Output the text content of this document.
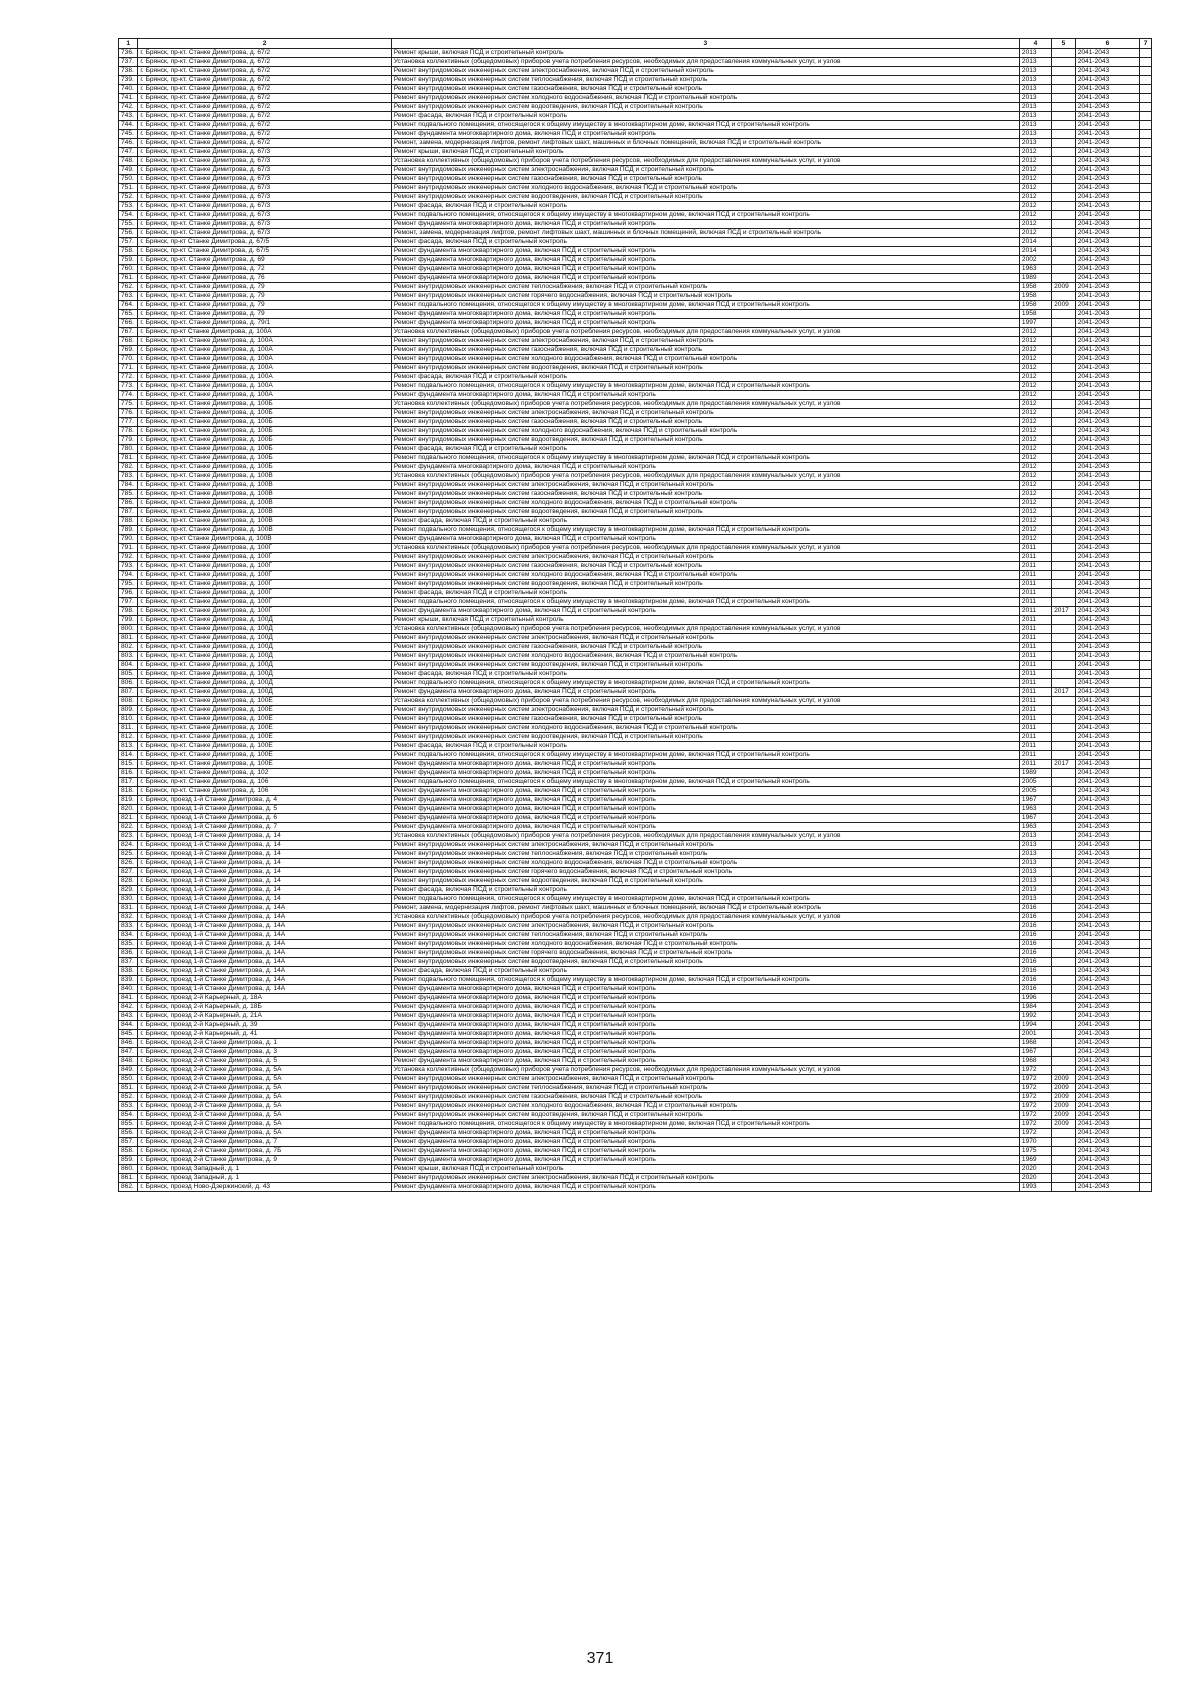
1	2	3	4	5	6	7
736.	г. Брянск, пр-кт. Станке Димитрова, д. 67/2	Ремонт крыши, включая ПСД и строительный контроль	2013		2041-2043	
737.	г. Брянск, пр-кт. Станке Димитрова, д. 67/2	Установка коллективных (общедомовых) приборов учета потребления ресурсов, необходимых для предоставления коммунальных услуг, и узлов	2013		2041-2043	
738.	г. Брянск, пр-кт. Станке Димитрова, д. 67/2	Ремонт внутридомовых инженерных систем электроснабжения, включая ПСД и строительный контроль	2013		2041-2043	
739.	г. Брянск, пр-кт. Станке Димитрова, д. 67/2	Ремонт внутридомовых инженерных систем теплоснабжения, включая ПСД и строительный контроль	2013		2041-2043	
740.	г. Брянск, пр-кт. Станке Димитрова, д. 67/2	Ремонт внутридомовых инженерных систем газоснабжения, включая ПСД и строительный контроль	2013		2041-2043	
741.	г. Брянск, пр-кт. Станке Димитрова, д. 67/2	Ремонт внутридомовых инженерных систем холодного водоснабжения, включая ПСД и строительный контроль	2013		2041-2043	
742.	г. Брянск, пр-кт. Станке Димитрова, д. 67/2	Ремонт внутридомовых инженерных систем водоотведения, включая ПСД и строительный контроль	2013		2041-2043	
743.	г. Брянск, пр-кт. Станке Димитрова, д. 67/2	Ремонт фасада, включая ПСД и строительный контроль	2013		2041-2043	
744.	г. Брянск, пр-кт. Станке Димитрова, д. 67/2	Ремонт подвального помещения, относящегося к общему имуществу в многоквартирном доме, включая ПСД и строительный контроль	2013		2041-2043	
745.	г. Брянск, пр-кт. Станке Димитрова, д. 67/2	Ремонт фундамента многоквартирного дома, включая ПСД и строительный контроль	2013		2041-2043	
746.	г. Брянск, пр-кт. Станке Димитрова, д. 67/2	Ремонт, замена, модернизация лифтов, ремонт лифтовых шахт, машинных и блочных помещений, включая ПСД и строительный контроль	2013		2041-2043	
747.	г. Брянск, пр-кт. Станке Димитрова, д. 67/3	Ремонт крыши, включая ПСД и строительный контроль	2012		2041-2043	
748.	г. Брянск, пр-кт. Станке Димитрова, д. 67/3	Установка коллективных (общедомовых) приборов учета потребления ресурсов, необходимых для предоставления коммунальных услуг, и узлов	2012		2041-2043	
749.	г. Брянск, пр-кт. Станке Димитрова, д. 67/3	Ремонт внутридомовых инженерных систем электроснабжения, включая ПСД и строительный контроль	2012		2041-2043	
750.	г. Брянск, пр-кт. Станке Димитрова, д. 67/3	Ремонт внутридомовых инженерных систем газоснабжения, включая ПСД и строительный контроль	2012		2041-2043	
751.	г. Брянск, пр-кт. Станке Димитрова, д. 67/3	Ремонт внутридомовых инженерных систем холодного водоснабжения, включая ПСД и строительный контроль	2012		2041-2043	
752.	г. Брянск, пр-кт. Станке Димитрова, д. 67/3	Ремонт внутридомовых инженерных систем водоотведения, включая ПСД и строительный контроль	2012		2041-2043	
753.	г. Брянск, пр-кт. Станке Димитрова, д. 67/3	Ремонт фасада, включая ПСД и строительный контроль	2012		2041-2043	
754.	г. Брянск, пр-кт. Станке Димитрова, д. 67/3	Ремонт подвального помещения, относящегося к общему имуществу в многоквартирном доме, включая ПСД и строительный контроль	2012		2041-2043	
755.	г. Брянск, пр-кт. Станке Димитрова, д. 67/3	Ремонт фундамента многоквартирного дома, включая ПСД и строительный контроль	2012		2041-2043	
756.	г. Брянск, пр-кт. Станке Димитрова, д. 67/3	Ремонт, замена, модернизация лифтов, ремонт лифтовых шахт, машинных и блочных помещений, включая ПСД и строительный контроль	2012		2041-2043	
757.	г. Брянск, пр-кт Станке Димитрова, д. 67/5	Ремонт фасада, включая ПСД и строительный контроль	2014		2041-2043	
758.	г. Брянск, пр-кт Станке Димитрова, д. 67/5	Ремонт фундамента многоквартирного дома, включая ПСД и строительный контроль	2014		2041-2043	
759.	г. Брянск, пр-кт. Станке Димитрова, д. 69	Ремонт фундамента многоквартирного дома, включая ПСД и строительный контроль	2002		2041-2043	
760.	г. Брянск, пр-кт. Станке Димитрова, д. 72	Ремонт фундамента многоквартирного дома, включая ПСД и строительный контроль	1963		2041-2043	
761.	г. Брянск, пр-кт. Станке Димитрова, д. 76	Ремонт фундамента многоквартирного дома, включая ПСД и строительный контроль	1989		2041-2043	
762.	г. Брянск, пр-кт. Станке Димитрова, д. 79	Ремонт внутридомовых инженерных систем теплоснабжения, включая ПСД и строительный контроль	1958	2009	2041-2043	
763.	г. Брянск, пр-кт. Станке Димитрова, д. 79	Ремонт внутридомовых инженерных систем горячего водоснабжения, включая ПСД и строительный контроль	1958		2041-2043	
764.	г. Брянск, пр-кт. Станке Димитрова, д. 79	Ремонт подвального помещения, относящегося к общему имуществу в многоквартирном доме, включая ПСД и строительный контроль	1958	2009	2041-2043	
765.	г. Брянск, пр-кт. Станке Димитрова, д. 79	Ремонт фундамента многоквартирного дома, включая ПСД и строительный контроль	1958		2041-2043	
766.	г. Брянск, пр-кт. Станке Димитрова, д. 79/1	Ремонт фундамента многоквартирного дома, включая ПСД и строительный контроль	1997		2041-2043	
767.	г. Брянск, пр-кт Станке Димитрова, д. 100А	Установка коллективных (общедомовых) приборов учета потребления ресурсов, необходимых для предоставления коммунальных услуг, и узлов	2012		2041-2043	
768.	г. Брянск, пр-кт. Станке Димитрова, д. 100А	Ремонт внутридомовых инженерных систем электроснабжения, включая ПСД и строительный контроль	2012		2041-2043	
769.	г. Брянск, пр-кт. Станке Димитрова, д. 100А	Ремонт внутридомовых инженерных систем газоснабжения, включая ПСД и строительный контроль	2012		2041-2043	
770.	г. Брянск, пр-кт. Станке Димитрова, д. 100А	Ремонт внутридомовых инженерных систем холодного водоснабжения, включая ПСД и строительный контроль	2012		2041-2043	
771.	г. Брянск, пр-кт. Станке Димитрова, д. 100А	Ремонт внутридомовых инженерных систем водоотведения, включая ПСД и строительный контроль	2012		2041-2043	
772.	г. Брянск, пр-кт. Станке Димитрова, д. 100А	Ремонт фасада, включая ПСД и строительный контроль	2012		2041-2043	
773.	г. Брянск, пр-кт. Станке Димитрова, д. 100А	Ремонт подвального помещения, относящегося к общему имуществу в многоквартирном доме, включая ПСД и строительный контроль	2012		2041-2043	
774.	г. Брянск, пр-кт. Станке Димитрова, д. 100А	Ремонт фундамента многоквартирного дома, включая ПСД и строительный контроль	2012		2041-2043	
775.	г. Брянск, пр-кт. Станке Димитрова, д. 100Б	Установка коллективных (общедомовых) приборов учета потребления ресурсов, необходимых для предоставления коммунальных услуг, и узлов	2012		2041-2043	
776.	г. Брянск, пр-кт. Станке Димитрова, д. 100Б	Ремонт внутридомовых инженерных систем электроснабжения, включая ПСД и строительный контроль	2012		2041-2043	
777.	г. Брянск, пр-кт. Станке Димитрова, д. 100Б	Ремонт внутридомовых инженерных систем газоснабжения, включая ПСД и строительный контроль	2012		2041-2043	
778.	г. Брянск, пр-кт. Станке Димитрова, д. 100Б	Ремонт внутридомовых инженерных систем холодного водоснабжения, включая ПСД и строительный контроль	2012		2041-2043	
779.	г. Брянск, пр-кт. Станке Димитрова, д. 100Б	Ремонт внутридомовых инженерных систем водоотведения, включая ПСД и строительный контроль	2012		2041-2043	
780.	г. Брянск, пр-кт. Станке Димитрова, д. 100Б	Ремонт фасада, включая ПСД и строительный контроль	2012		2041-2043	
781.	г. Брянск, пр-кт. Станке Димитрова, д. 100Б	Ремонт подвального помещения, относящегося к общему имуществу в многоквартирном доме, включая ПСД и строительный контроль	2012		2041-2043	
782.	г. Брянск, пр-кт. Станке Димитрова, д. 100Б	Ремонт фундамента многоквартирного дома, включая ПСД и строительный контроль	2012		2041-2043	
783.	г. Брянск, пр-кт. Станке Димитрова, д. 100В	Установка коллективных (общедомовых) приборов учета потребления ресурсов, необходимых для предоставления коммунальных услуг, и узлов	2012		2041-2043	
784.	г. Брянск, пр-кт. Станке Димитрова, д. 100В	Ремонт внутридомовых инженерных систем электроснабжения, включая ПСД и строительный контроль	2012		2041-2043	
785.	г. Брянск, пр-кт. Станке Димитрова, д. 100В	Ремонт внутридомовых инженерных систем газоснабжения, включая ПСД и строительный контроль	2012		2041-2043	
786.	г. Брянск, пр-кт. Станке Димитрова, д. 100В	Ремонт внутридомовых инженерных систем холодного водоснабжения, включая ПСД и строительный контроль	2012		2041-2043	
787.	г. Брянск, пр-кт. Станке Димитрова, д. 100В	Ремонт внутридомовых инженерных систем водоотведения, включая ПСД и строительный контроль	2012		2041-2043	
788.	г. Брянск, пр-кт. Станке Димитрова, д. 100В	Ремонт фасада, включая ПСД и строительный контроль	2012		2041-2043	
789.	г. Брянск, пр-кт. Станке Димитрова, д. 100В	Ремонт подвального помещения, относящегося к общему имуществу в многоквартирном доме, включая ПСД и строительный контроль	2012		2041-2043	
790.	г. Брянск, пр-кт Станке Димитрова, д. 100В	Ремонт фундамента многоквартирного дома, включая ПСД и строительный контроль	2012		2041-2043	
791.	г. Брянск, пр-кт. Станке Димитрова, д. 100Г	Установка коллективных (общедомовых) приборов учета потребления ресурсов, необходимых для предоставления коммунальных услуг, и узлов	2011		2041-2043	
792.	г. Брянск, пр-кт. Станке Димитрова, д. 100Г	Ремонт внутридомовых инженерных систем электроснабжения, включая ПСД и строительный контроль	2011		2041-2043	
793.	г. Брянск, пр-кт. Станке Димитрова, д. 100Г	Ремонт внутридомовых инженерных систем газоснабжения, включая ПСД и строительный контроль	2011		2041-2043	
794.	г. Брянск, пр-кт. Станке Димитрова, д. 100Г	Ремонт внутридомовых инженерных систем холодного водоснабжения, включая ПСД и строительный контроль	2011		2041-2043	
795.	г. Брянск, пр-кт. Станке Димитрова, д. 100Г	Ремонт внутридомовых инженерных систем водоотведения, включая ПСД и строительный контроль	2011		2041-2043	
796.	г. Брянск, пр-кт. Станке Димитрова, д. 100Г	Ремонт фасада, включая ПСД и строительный контроль	2011		2041-2043	
797.	г. Брянск, пр-кт. Станке Димитрова, д. 100Г	Ремонт подвального помещения, относящегося к общему имуществу в многоквартирном доме, включая ПСД и строительный контроль	2011		2041-2043	
798.	г. Брянск, пр-кт. Станке Димитрова, д. 100Г	Ремонт фундамента многоквартирного дома, включая ПСД и строительный контроль	2011	2017	2041-2043	
799.	г. Брянск, пр-кт. Станке Димитрова, д. 100Д	Ремонт крыши, включая ПСД и строительный контроль	2011		2041-2043	
800.	г. Брянск, пр-кт. Станке Димитрова, д. 100Д	Установка коллективных (общедомовых) приборов учета потребления ресурсов, необходимых для предоставления коммунальных услуг, и узлов	2011		2041-2043	
801.	г. Брянск, пр-кт. Станке Димитрова, д. 100Д	Ремонт внутридомовых инженерных систем электроснабжения, включая ПСД и строительный контроль	2011		2041-2043	
802.	г. Брянск, пр-кт. Станке Димитрова, д. 100Д	Ремонт внутридомовых инженерных систем газоснабжения, включая ПСД и строительный контроль	2011		2041-2043	
803.	г. Брянск, пр-кт. Станке Димитрова, д. 100Д	Ремонт внутридомовых инженерных систем холодного водоснабжения, включая ПСД и строительный контроль	2011		2041-2043	
804.	г. Брянск, пр-кт. Станке Димитрова, д. 100Д	Ремонт внутридомовых инженерных систем водоотведения, включая ПСД и строительный контроль	2011		2041-2043	
805.	г. Брянск, пр-кт. Станке Димитрова, д. 100Д	Ремонт фасада, включая ПСД и строительный контроль	2011		2041-2043	
806.	г. Брянск, пр-кт. Станке Димитрова, д. 100Д	Ремонт подвального помещения, относящегося к общему имуществу в многоквартирном доме, включая ПСД и строительный контроль	2011		2041-2043	
807.	г. Брянск, пр-кт. Станке Димитрова, д. 100Д	Ремонт фундамента многоквартирного дома, включая ПСД и строительный контроль	2011	2017	2041-2043	
808.	г. Брянск, пр-кт. Станке Димитрова, д. 100Е	Установка коллективных (общедомовых) приборов учета потребления ресурсов, необходимых для предоставления коммунальных услуг, и узлов	2011		2041-2043	
809.	г. Брянск, пр-кт. Станке Димитрова, д. 100Е	Ремонт внутридомовых инженерных систем электроснабжения, включая ПСД и строительный контроль	2011		2041-2043	
810.	г. Брянск, пр-кт. Станке Димитрова, д. 100Е	Ремонт внутридомовых инженерных систем газоснабжения, включая ПСД и строительный контроль	2011		2041-2043	
811.	г. Брянск, пр-кт. Станке Димитрова, д. 100Е	Ремонт внутридомовых инженерных систем холодного водоснабжения, включая ПСД и строительный контроль	2011		2041-2043	
812.	г. Брянск, пр-кт. Станке Димитрова, д. 100Е	Ремонт внутридомовых инженерных систем водоотведения, включая ПСД и строительный контроль	2011		2041-2043	
813.	г. Брянск, пр-кт. Станке Димитрова, д. 100Е	Ремонт фасада, включая ПСД и строительный контроль	2011		2041-2043	
814.	г. Брянск, пр-кт. Станке Димитрова, д. 100Е	Ремонт подвального помещения, относящегося к общему имуществу в многоквартирном доме, включая ПСД и строительный контроль	2011		2041-2043	
815.	г. Брянск, пр-кт. Станке Димитрова, д. 100Е	Ремонт фундамента многоквартирного дома, включая ПСД и строительный контроль	2011	2017	2041-2043	
816.	г. Брянск, пр-кт. Станке Димитрова, д. 102	Ремонт фундамента многоквартирного дома, включая ПСД и строительный контроль	1989		2041-2043	
817.	г. Брянск, пр-кт. Станке Димитрова, д. 106	Ремонт подвального помещения, относящегося к общему имуществу в многоквартирном доме, включая ПСД и строительный контроль	2005		2041-2043	
818.	г. Брянск, пр-кт. Станке Димитрова, д. 106	Ремонт фундамента многоквартирного дома, включая ПСД и строительный контроль	2005		2041-2043	
819.	г. Брянск, проезд 1-й Станке Димитрова, д. 4	Ремонт фундамента многоквартирного дома, включая ПСД и строительный контроль	1967		2041-2043	
820.	г. Брянск, проезд 1-й Станке Димитрова, д. 5	Ремонт фундамента многоквартирного дома, включая ПСД и строительный контроль	1963		2041-2043	
821.	г. Брянск, проезд 1-й Станке Димитрова, д. 6	Ремонт фундамента многоквартирного дома, включая ПСД и строительный контроль	1967		2041-2043	
822.	г. Брянск, проезд 1-й Станке Димитрова, д. 7	Ремонт фундамента многоквартирного дома, включая ПСД и строительный контроль	1963		2041-2043	
823.	г. Брянск, проезд 1-й Станке Димитрова, д. 14	Установка коллективных (общедомовых) приборов учета потребления ресурсов, необходимых для предоставления коммунальных услуг, и узлов	2013		2041-2043	
824.	г. Брянск, проезд 1-й Станке Димитрова, д. 14	Ремонт внутридомовых инженерных систем электроснабжения, включая ПСД и строительный контроль	2013		2041-2043	
825.	г. Брянск, проезд 1-й Станке Димитрова, д. 14	Ремонт внутридомовых инженерных систем теплоснабжения, включая ПСД и строительный контроль	2013		2041-2043	
826.	г. Брянск, проезд 1-й Станке Димитрова, д. 14	Ремонт внутридомовых инженерных систем холодного водоснабжения, включая ПСД и строительный контроль	2013		2041-2043	
827.	г. Брянск, проезд 1-й Станке Димитрова, д. 14	Ремонт внутридомовых инженерных систем горячего водоснабжения, включая ПСД и строительный контроль	2013		2041-2043	
828.	г. Брянск, проезд 1-й Станке Димитрова, д. 14	Ремонт внутридомовых инженерных систем водоотведения, включая ПСД и строительный контроль	2013		2041-2043	
829.	г. Брянск, проезд 1-й Станке Димитрова, д. 14	Ремонт фасада, включая ПСД и строительный контроль	2013		2041-2043	
830.	г. Брянск, проезд 1-й Станке Димитрова, д. 14	Ремонт подвального помещения, относящегося к общему имуществу в многоквартирном доме, включая ПСД и строительный контроль	2013		2041-2043	
831.	г. Брянск, проезд 1-й Станке Димитрова, д. 14А	Ремонт, замена, модернизация лифтов, ремонт лифтовых шахт, машинных и блочных помещений, включая ПСД и строительный контроль	2016		2041-2043	
832.	г. Брянск, проезд 1-й Станке Димитрова, д. 14А	Установка коллективных (общедомовых) приборов учета потребления ресурсов, необходимых для предоставления коммунальных услуг, и узлов	2016		2041-2043	
833.	г. Брянск, проезд 1-й Станке Димитрова, д. 14А	Ремонт внутридомовых инженерных систем электроснабжения, включая ПСД и строительный контроль	2016		2041-2043	
834.	г. Брянск, проезд 1-й Станке Димитрова, д. 14А	Ремонт внутридомовых инженерных систем теплоснабжения, включая ПСД и строительный контроль	2016		2041-2043	
835.	г. Брянск, проезд 1-й Станке Димитрова, д. 14А	Ремонт внутридомовых инженерных систем холодного водоснабжения, включая ПСД и строительный контроль	2016		2041-2043	
836.	г. Брянск, проезд 1-й Станке Димитрова, д. 14А	Ремонт внутридомовых инженерных систем горячего водоснабжения, включая ПСД и строительный контроль	2016		2041-2043	
837.	г. Брянск, проезд 1-й Станке Димитрова, д. 14А	Ремонт внутридомовых инженерных систем водоотведения, включая ПСД и строительный контроль	2016		2041-2043	
838.	г. Брянск, проезд 1-й Станке Димитрова, д. 14А	Ремонт фасада, включая ПСД и строительный контроль	2016		2041-2043	
839.	г. Брянск, проезд 1-й Станке Димитрова, д. 14А	Ремонт подвального помещения, относящегося к общему имуществу в многоквартирном доме, включая ПСД и строительный контроль	2016		2041-2043	
840.	г. Брянск, проезд 1-й Станке Димитрова, д. 14А	Ремонт фундамента многоквартирного дома, включая ПСД и строительный контроль	2016		2041-2043	
841.	г. Брянск, проезд 2-й Карьерный, д. 18А	Ремонт фундамента многоквартирного дома, включая ПСД и строительный контроль	1996		2041-2043	
842.	г. Брянск, проезд 2-й Карьерный, д. 18Б	Ремонт фундамента многоквартирного дома, включая ПСД и строительный контроль	1984		2041-2043	
843.	г. Брянск, проезд 2-й Карьерный, д. 21А	Ремонт фундамента многоквартирного дома, включая ПСД и строительный контроль	1992		2041-2043	
844.	г. Брянск, проезд 2-й Карьерный, д. 39	Ремонт фундамента многоквартирного дома, включая ПСД и строительный контроль	1994		2041-2043	
845.	г. Брянск, проезд 2-й Карьерный, д. 41	Ремонт фундамента многоквартирного дома, включая ПСД и строительный контроль	2001		2041-2043	
846.	г. Брянск, проезд 2-й Станке Димитрова, д. 1	Ремонт фундамента многоквартирного дома, включая ПСД и строительный контроль	1968		2041-2043	
847.	г. Брянск, проезд 2-й Станке Димитрова, д. 3	Ремонт фундамента многоквартирного дома, включая ПСД и строительный контроль	1967		2041-2043	
848.	г. Брянск, проезд 2-й Станке Димитрова, д. 5	Ремонт фундамента многоквартирного дома, включая ПСД и строительный контроль	1968		2041-2043	
849.	г. Брянск, проезд 2-й Станке Димитрова, д. 5А	Установка коллективных (общедомовых) приборов учета потребления ресурсов, необходимых для предоставления коммунальных услуг, и узлов	1972		2041-2043	
850.	г. Брянск, проезд 2-й Станке Димитрова, д. 5А	Ремонт внутридомовых инженерных систем электроснабжения, включая ПСД и строительный контроль	1972	2009	2041-2043	
851.	г. Брянск, проезд 2-й Станке Димитрова, д. 5А	Ремонт внутридомовых инженерных систем теплоснабжения, включая ПСД и строительный контроль	1972	2009	2041-2043	
852.	г. Брянск, проезд 2-й Станке Димитрова, д. 5А	Ремонт внутридомовых инженерных систем газоснабжения, включая ПСД и строительный контроль	1972	2009	2041-2043	
853.	г. Брянск, проезд 2-й Станке Димитрова, д. 5А	Ремонт внутридомовых инженерных систем холодного водоснабжения, включая ПСД и строительный контроль	1972	2009	2041-2043	
854.	г. Брянск, проезд 2-й Станке Димитрова, д. 5А	Ремонт внутридомовых инженерных систем водоотведения, включая ПСД и строительный контроль	1972	2009	2041-2043	
855.	г. Брянск, проезд 2-й Станке Димитрова, д. 5А	Ремонт подвального помещения, относящегося к общему имуществу в многоквартирном доме, включая ПСД и строительный контроль	1972	2009	2041-2043	
856.	г. Брянск, проезд 2-й Станке Димитрова, д. 5А	Ремонт фундамента многоквартирного дома, включая ПСД и строительный контроль	1972		2041-2043	
857.	г. Брянск, проезд 2-й Станке Димитрова, д. 7	Ремонт фундамента многоквартирного дома, включая ПСД и строительный контроль	1970		2041-2043	
858.	г. Брянск, проезд 2-й Станке Димитрова, д. 7Б	Ремонт фундамента многоквартирного дома, включая ПСД и строительный контроль	1975		2041-2043	
859.	г. Брянск, проезд 2-й Станке Димитрова, д. 9	Ремонт фундамента многоквартирного дома, включая ПСД и строительный контроль	1969		2041-2043	
860.	г. Брянск, проезд Западный, д. 1	Ремонт крыши, включая ПСД и строительный контроль	2020		2041-2043	
861.	г. Брянск, проезд Западный, д. 1	Ремонт внутридомовых инженерных систем электроснабжения, включая ПСД и строительный контроль	2020		2041-2043	
862.	г. Брянск, проезд Ново-Дзержинский, д. 43	Ремонт фундамента многоквартирного дома, включая ПСД и строительный контроль	1993		2041-2043	
371
